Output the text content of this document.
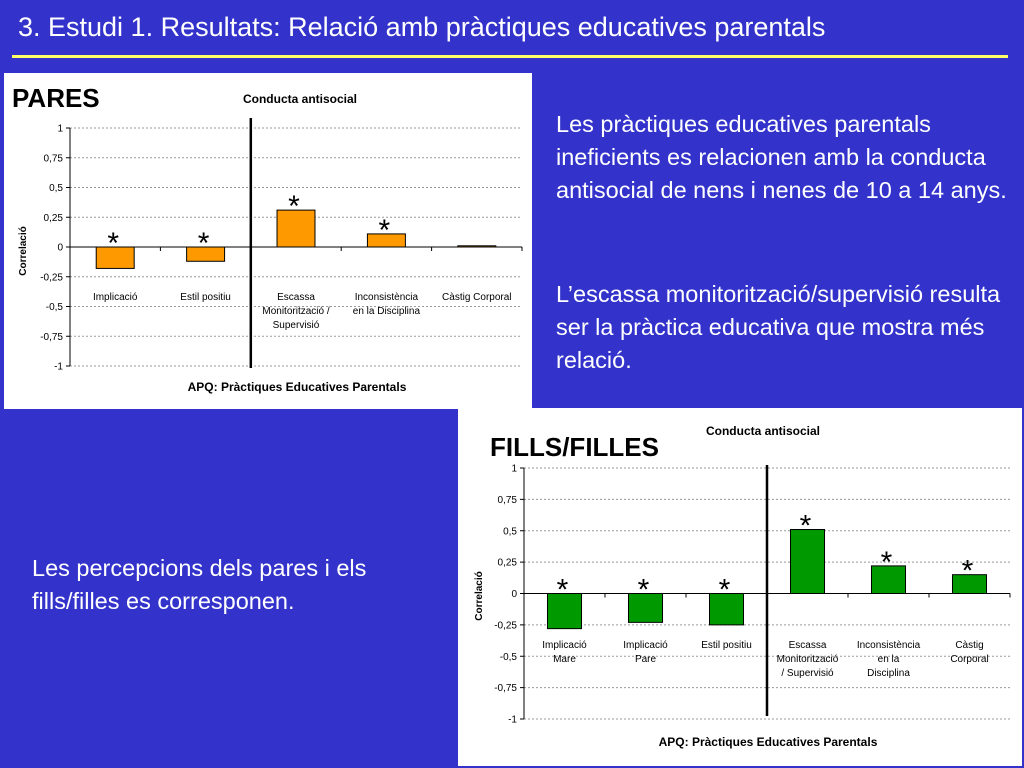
3. Estudi 1. Resultats: Relació amb pràctiques educatives parentals
PARES	Conducta antisocial
1
0,75
0,5
0,25
0
-0,25
-0,5
-0,75
-1
Implicació
*
Estil positiu
*
Escassa
Monitorització /
Supervisió
*
Inconsistència
en la Disciplina
*
Càstig Corporal
APQ: Pràctiques Educatives Parentals
Correlació
FILLS/FILLES
Conducta antisocial
1
0,75
0,5
0,25
0
-0,25
-0,5
-0,75
-1
Implicació
Mare
*
Implicació
Pare
*
Estil positiu
*
Escassa
Monitorització
/ Supervisió
*
Inconsistència
en la
Disciplina
*
Càstig
Corporal
*
APQ: Pràctiques Educatives Parentals
Correlació
Les pràctiques educatives parentals ineficients es relacionen amb la conducta antisocial de nens i nenes de 10 a 14 anys.
L’escassa monitorització/supervisió resulta ser la pràctica educativa que mostra més relació.
Les percepcions dels pares i els fills/filles es corresponen.
